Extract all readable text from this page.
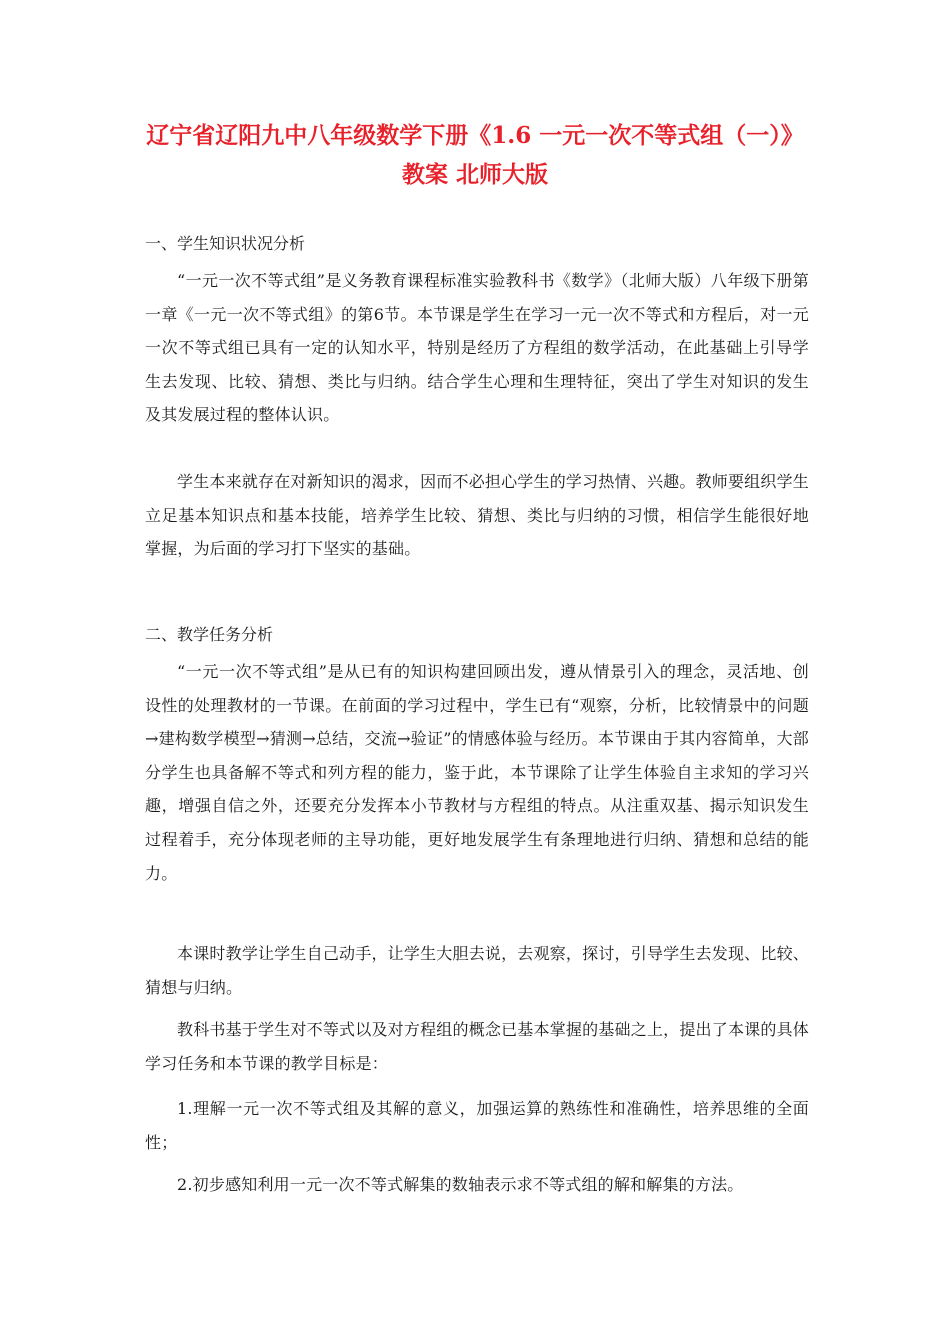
辽宁省辽阳九中八年级数学下册《1.6 一元一次不等式组（一）》
教案 北师大版
一、学生知识状况分析
“一元一次不等式组”是义务教育课程标准实验教科书《数学》（北师大版）八年级下册第一章《一元一次不等式组》的第6节。本节课是学生在学习一元一次不等式和方程后，对一元一次不等式组已具有一定的认知水平，特别是经历了方程组的数学活动，在此基础上引导学生去发现、比较、猜想、类比与归纳。结合学生心理和生理特征，突出了学生对知识的发生及其发展过程的整体认识。
学生本来就存在对新知识的渴求，因而不必担心学生的学习热情、兴趣。教师要组织学生立足基本知识点和基本技能，培养学生比较、猜想、类比与归纳的习惯，相信学生能很好地掌握，为后面的学习打下坚实的基础。
二、教学任务分析
“一元一次不等式组”是从已有的知识构建回顾出发，遵从情景引入的理念，灵活地、创设性的处理教材的一节课。在前面的学习过程中，学生已有“观察，分析，比较情景中的问题→建构数学模型→猜测→总结，交流→验证”的情感体验与经历。本节课由于其内容简单，大部分学生也具备解不等式和列方程的能力，鉴于此，本节课除了让学生体验自主求知的学习兴趣，增强自信之外，还要充分发挥本小节教材与方程组的特点。从注重双基、揭示知识发生过程着手，充分体现老师的主导功能，更好地发展学生有条理地进行归纳、猜想和总结的能力。
本课时教学让学生自己动手，让学生大胆去说，去观察，探讨，引导学生去发现、比较、猜想与归纳。
教科书基于学生对不等式以及对方程组的概念已基本掌握的基础之上，提出了本课的具体学习任务和本节课的教学目标是：
1.理解一元一次不等式组及其解的意义，加强运算的熟练性和准确性，培养思维的全面性；
2.初步感知利用一元一次不等式解集的数轴表示求不等式组的解和解集的方法。
